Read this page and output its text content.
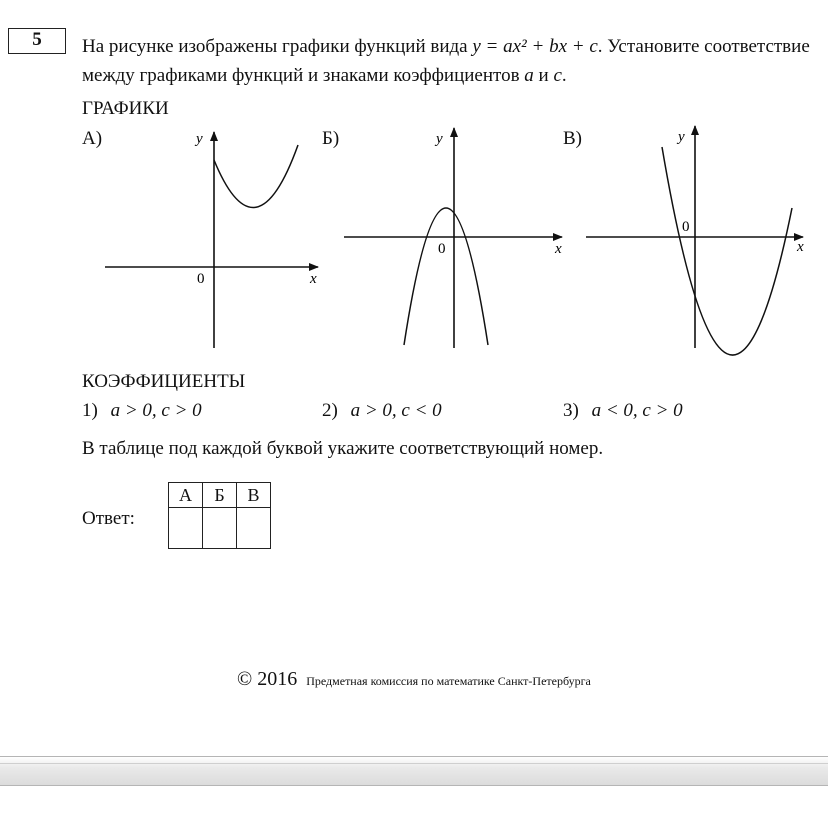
5	На рисунке изображены графики функций вида y = ax² + bx + c. Установите соответствие между графиками функций и знаками коэффициентов a и c.
ГРАФИКИ
А)	Б)	В)
y
x
0
y
x
0
y
x
0
КОЭФФИЦИЕНТЫ
1) a > 0, c > 0	2) a > 0, c < 0	3) a < 0, c > 0
В таблице под каждой буквой укажите соответствующий номер.
Ответ:
А	Б	В

© 2016 Предметная комиссия по математике Санкт-Петербурга
